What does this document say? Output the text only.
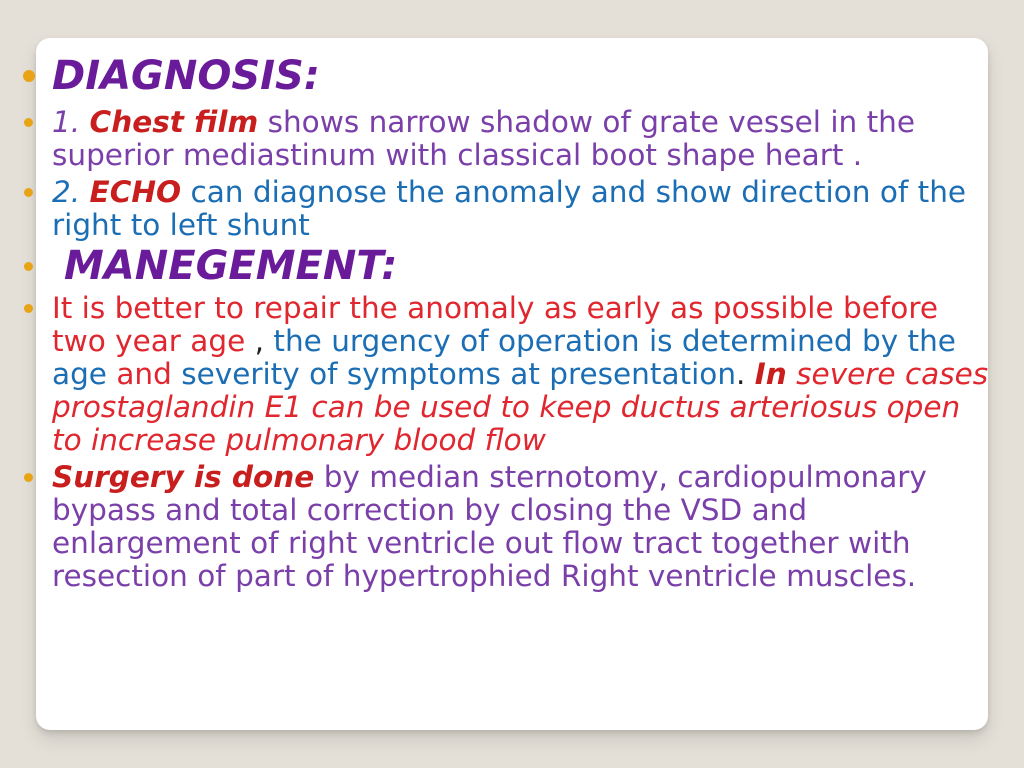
DIAGNOSIS:
1. Chest film shows narrow shadow of grate vessel in the superior mediastinum with classical boot shape heart .
2. ECHO can diagnose the anomaly and show direction of the right to left shunt
MANEGEMENT:
It is better to repair the anomaly as early as possible before two year age , the urgency of operation is determined by the age and severity of symptoms at presentation. In severe cases prostaglandin E1 can be used to keep ductus arteriosus open to increase pulmonary blood flow
Surgery is done by median sternotomy, cardiopulmonary bypass and total correction by closing the VSD and enlargement of right ventricle out flow tract together with resection of part of hypertrophied Right ventricle muscles.
